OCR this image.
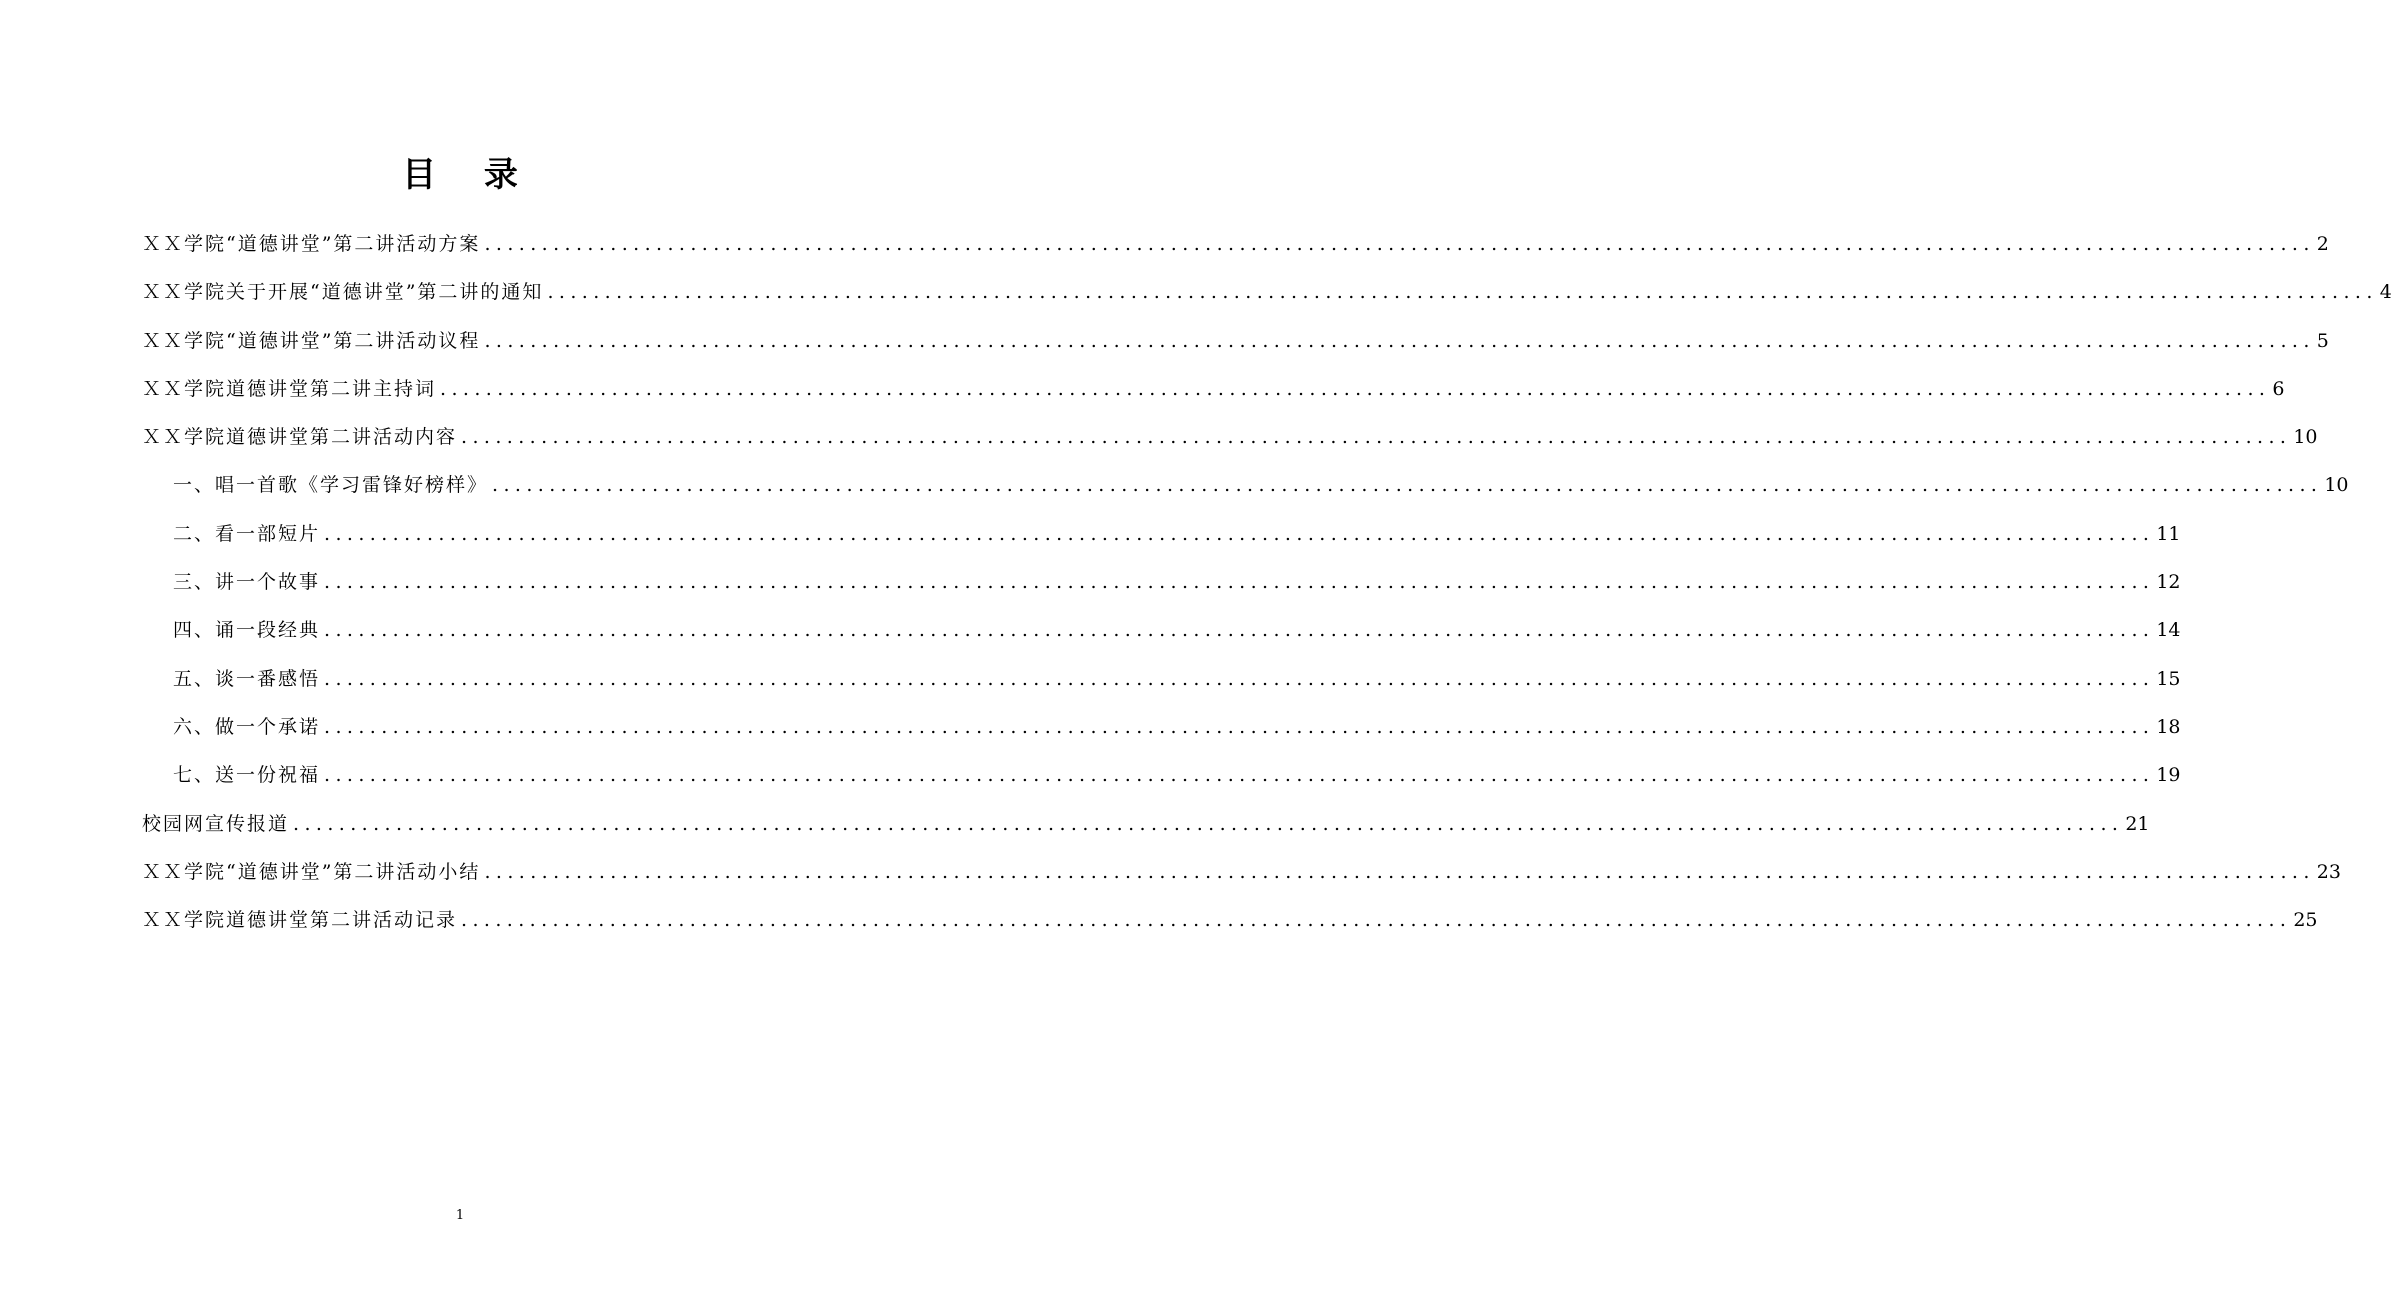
目 录
ＸＸ学院“道德讲堂”第二讲活动方案 ................................................................................................................................................................ 2
ＸＸ学院关于开展“道德讲堂”第二讲的通知 ................................................................................................................................................................ 4
ＸＸ学院“道德讲堂”第二讲活动议程 ................................................................................................................................................................ 5
ＸＸ学院道德讲堂第二讲主持词 ................................................................................................................................................................ 6
ＸＸ学院道德讲堂第二讲活动内容 ................................................................................................................................................................ 10
一、唱一首歌《学习雷锋好榜样》 ................................................................................................................................................................ 10
二、看一部短片 ................................................................................................................................................................ 11
三、讲一个故事 ................................................................................................................................................................ 12
四、诵一段经典 ................................................................................................................................................................ 14
五、谈一番感悟 ................................................................................................................................................................ 15
六、做一个承诺 ................................................................................................................................................................ 18
七、送一份祝福 ................................................................................................................................................................ 19
校园网宣传报道 ................................................................................................................................................................ 21
ＸＸ学院“道德讲堂”第二讲活动小结 ................................................................................................................................................................ 23
ＸＸ学院道德讲堂第二讲活动记录 ................................................................................................................................................................ 25
1
